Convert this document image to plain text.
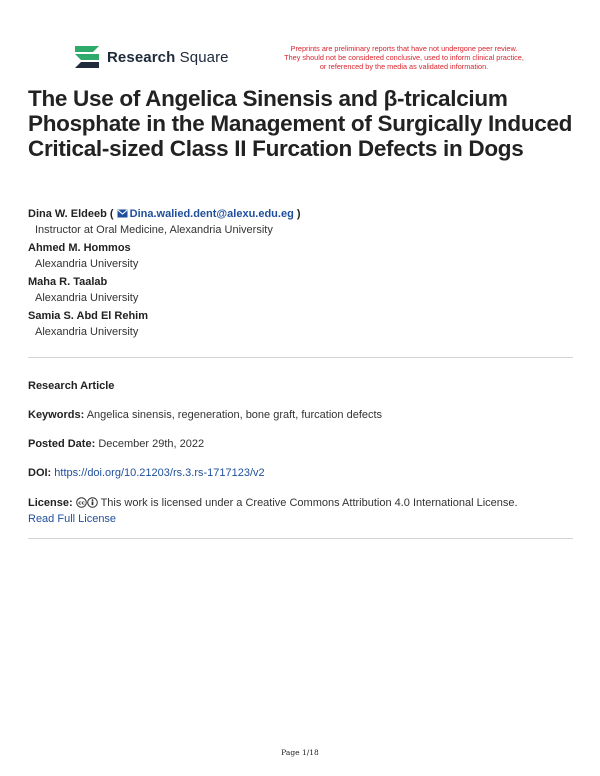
Research Square	Preprints are preliminary reports that have not undergone peer review.
They should not be considered conclusive, used to inform clinical practice,
or referenced by the media as validated information.
The Use of Angelica Sinensis and β-tricalcium Phosphate in the Management of Surgically Induced Critical-sized Class II Furcation Defects in Dogs
Dina W. Eldeeb ( Dina.walied.dent@alexu.edu.eg )
Instructor at Oral Medicine, Alexandria University
Ahmed M. Hommos
Alexandria University
Maha R. Taalab
Alexandria University
Samia S. Abd El Rehim
Alexandria University
Research Article
Keywords: Angelica sinensis, regeneration, bone graft, furcation defects
Posted Date: December 29th, 2022
DOI: https://doi.org/10.21203/rs.3.rs-1717123/v2
License: cc This work is licensed under a Creative Commons Attribution 4.0 International License.
Read Full License
Page 1/18
